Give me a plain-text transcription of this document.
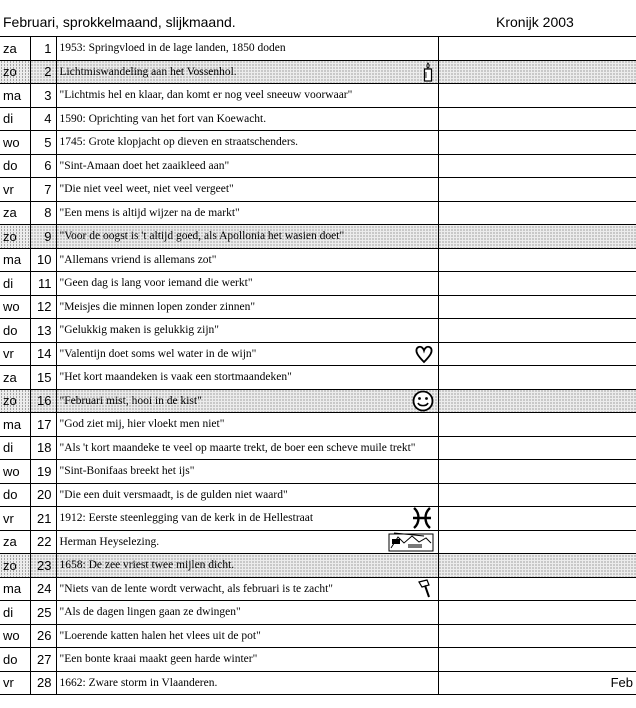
Februari, sprokkelmaand, slijkmaand.	Kronijk 2003
za	1	1953: Springvloed in de lage landen, 1850 doden	
zo	2	Lichtmiswandeling aan het Vossenhol.

ma	3	"Lichtmis hel en klaar, dan komt er nog veel sneeuw voorwaar"	
di	4	1590: Oprichting van het fort van Koewacht.	
wo	5	1745: Grote klopjacht op dieven en straatschenders.	
do	6	"Sint-Amaan doet het zaaikleed aan"	
vr	7	"Die niet veel weet, niet veel vergeet"	
za	8	"Een mens is altijd wijzer na de markt"	
zo	9	"Voor de oogst is 't altijd goed, als Apollonia het wasien doet"	
ma	10	"Allemans vriend is allemans zot"	
di	11	"Geen dag is lang voor iemand die werkt"	
wo	12	"Meisjes die minnen lopen zonder zinnen"	
do	13	"Gelukkig maken is gelukkig zijn"	
vr	14	"Valentijn doet soms wel water in de wijn"

za	15	"Het kort maandeken is vaak een stortmaandeken"	
zo	16	"Februari mist, hooi in de kist"

ma	17	"God ziet mij, hier vloekt men niet"	
di	18	"Als 't kort maandeke te veel op maarte trekt, de boer een scheve muile trekt"	
wo	19	"Sint-Bonifaas breekt het ijs"	
do	20	"Die een duit versmaadt, is de gulden niet waard"	
vr	21	1912: Eerste steenlegging van de kerk in de Hellestraat

za	22	Herman Heyselezing.

zo	23	1658: De zee vriest twee mijlen dicht.	
ma	24	"Niets van de lente wordt verwacht, als februari is te zacht"

di	25	"Als de dagen lingen gaan ze dwingen"	
wo	26	"Loerende katten halen het vlees uit de pot"	
do	27	"Een bonte kraai maakt geen harde winter"	
vr	28	1662: Zware storm in Vlaanderen.	Feb
